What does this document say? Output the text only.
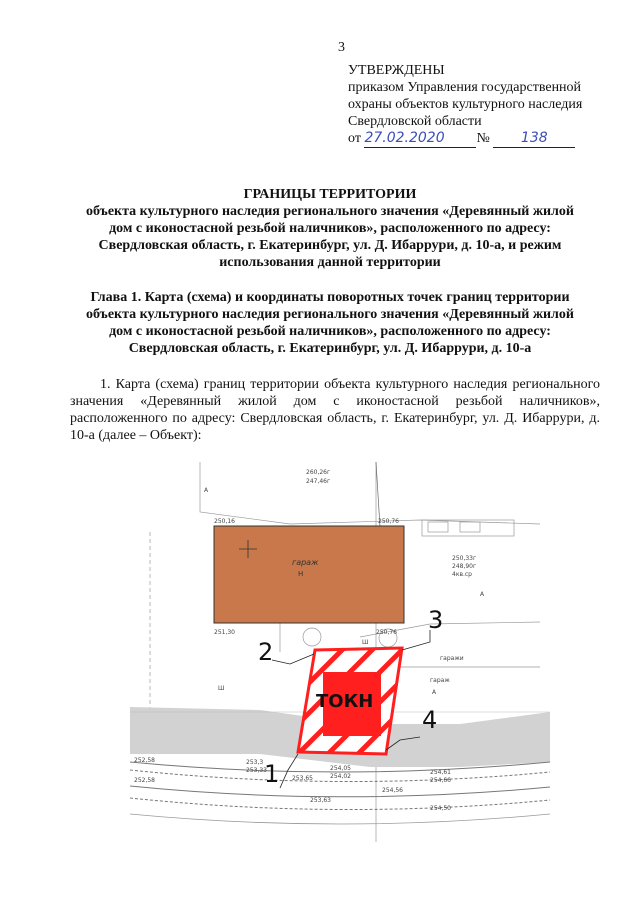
3
УТВЕРЖДЕНЫ
приказом Управления государственной
охраны объектов культурного наследия
Свердловской области
от 27.02.2020 № 138
ГРАНИЦЫ ТЕРРИТОРИИ
объекта культурного наследия регионального значения «Деревянный жилой
дом с иконостасной резьбой наличников», расположенного по адресу:
Свердловская область, г. Екатеринбург, ул. Д. Ибаррури, д. 10-а, и режим
использования данной территории
Глава 1. Карта (схема) и координаты поворотных точек границ территории
объекта культурного наследия регионального значения «Деревянный жилой
дом с иконостасной резьбой наличников», расположенного по адресу:
Свердловская область, г. Екатеринбург, ул. Д. Ибаррури, д. 10-а
1. Карта (схема) границ территории объекта культурного наследия регионального значения «Деревянный жилой дом с иконостасной резьбой наличников», расположенного по адресу: Свердловская область, г. Екатеринбург, ул. Д. Ибаррури, д. 10-а (далее – Объект):
гараж
Н
ТОКН
2
3
4
1
260,26г
247,46г
250,16	250,76
251,30	250,76
250,33г
248,90г
253,65
254,05
253,63
254,02
254,61
254,66
254,56
254,50
253,3
253,33
252,58
252,58
А
А
Ш
А
Ш
4кв.ср
гаражи
гараж
